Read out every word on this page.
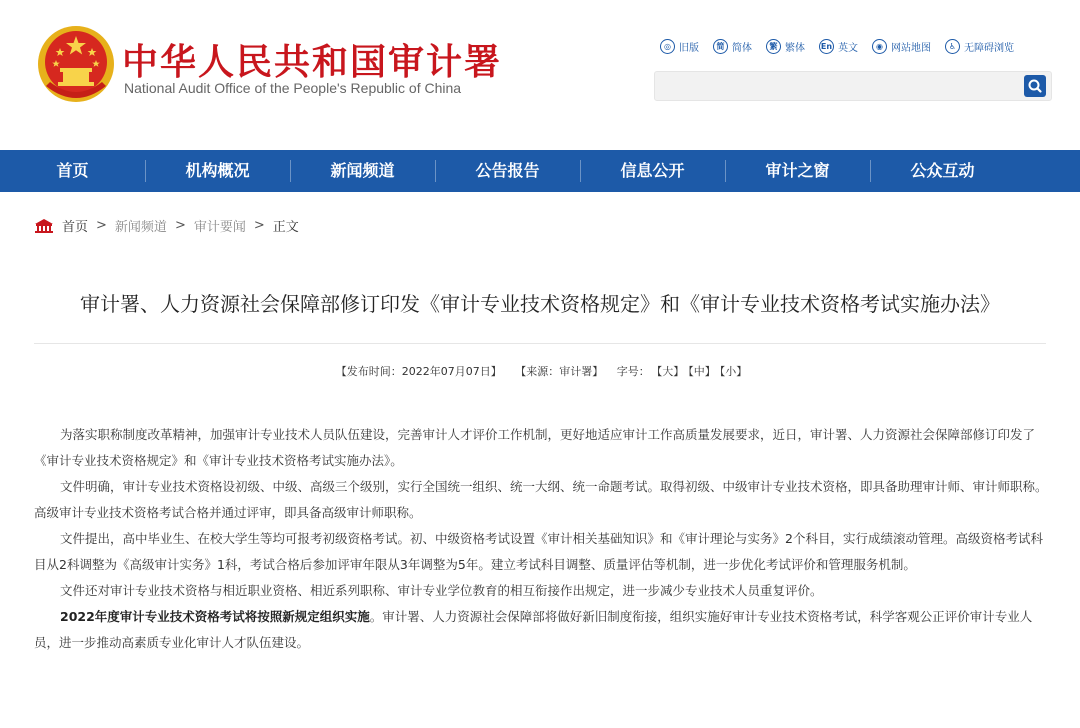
中华人民共和国审计署
National Audit Office of the People's Republic of China
◎ 旧版	简 简体	繁 繁体 En 英文	◉ 网站地图	♿ 无障碍浏览
首页	机构概况	新闻频道	公告报告	信息公开	审计之窗	公众互动
首页 > 新闻频道 > 审计要闻 > 正文
审计署、人力资源社会保障部修订印发《审计专业技术资格规定》和《审计专业技术资格考试实施办法》
【发布时间：2022年07月07日】 【来源：审计署】 字号： 【大】 【中】 【小】

为落实职称制度改革精神，加强审计专业技术人员队伍建设，完善审计人才评价工作机制，更好地适应审计工作高质量发展要求，近日，审计署、人力资源社会保障部修订印发了《审计专业技术资格规定》和《审计专业技术资格考试实施办法》。

文件明确，审计专业技术资格设初级、中级、高级三个级别，实行全国统一组织、统一大纲、统一命题考试。取得初级、中级审计专业技术资格，即具备助理审计师、审计师职称。高级审计专业技术资格考试合格并通过评审，即具备高级审计师职称。

文件提出，高中毕业生、在校大学生等均可报考初级资格考试。初、中级资格考试设置《审计相关基础知识》和《审计理论与实务》2个科目，实行成绩滚动管理。高级资格考试科目从2科调整为《高级审计实务》1科，考试合格后参加评审年限从3年调整为5年。建立考试科目调整、质量评估等机制，进一步优化考试评价和管理服务机制。

文件还对审计专业技术资格与相近职业资格、相近系列职称、审计专业学位教育的相互衔接作出规定，进一步减少专业技术人员重复评价。

2022年度审计专业技术资格考试将按照新规定组织实施。审计署、人力资源社会保障部将做好新旧制度衔接，组织实施好审计专业技术资格考试，科学客观公正评价审计专业人员，进一步推动高素质专业化审计人才队伍建设。
